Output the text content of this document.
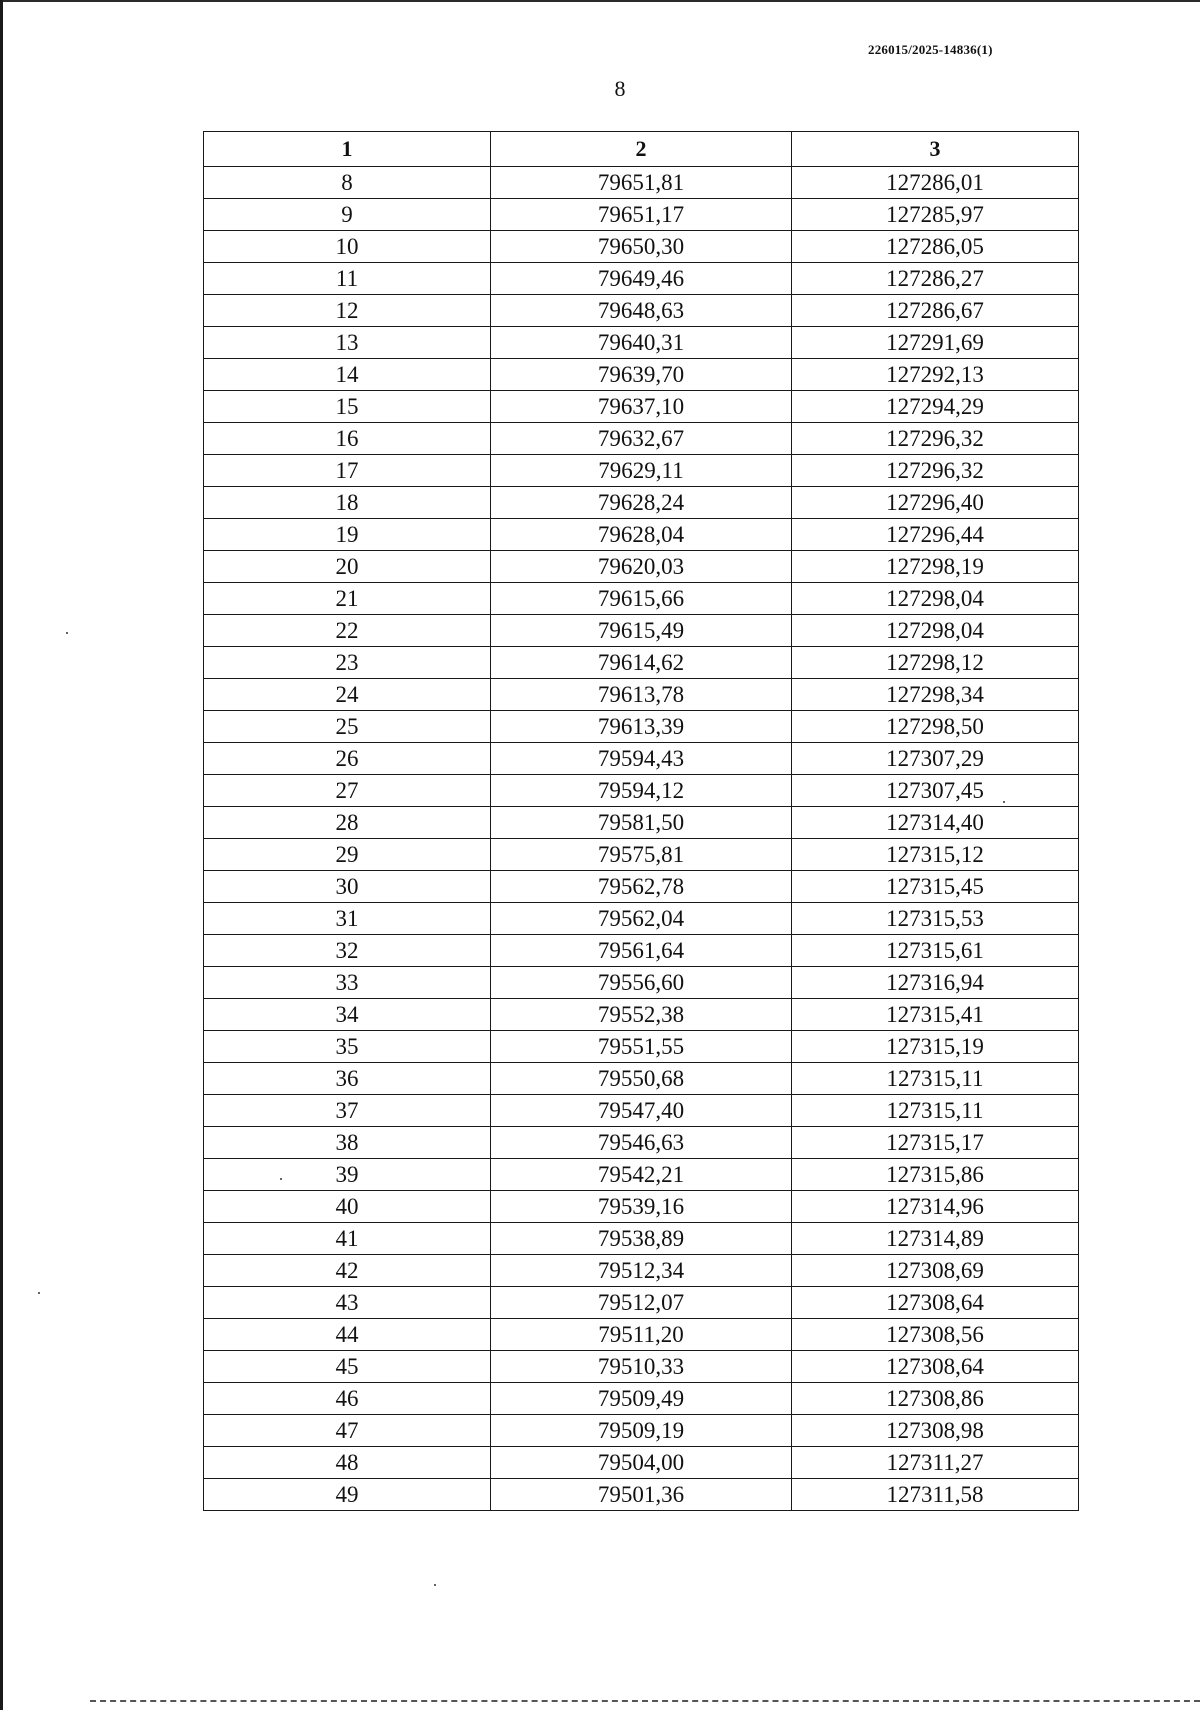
226015/2025-14836(1)
8
1	2	3
8	79651,81	127286,01
9	79651,17	127285,97
10	79650,30	127286,05
11	79649,46	127286,27
12	79648,63	127286,67
13	79640,31	127291,69
14	79639,70	127292,13
15	79637,10	127294,29
16	79632,67	127296,32
17	79629,11	127296,32
18	79628,24	127296,40
19	79628,04	127296,44
20	79620,03	127298,19
21	79615,66	127298,04
22	79615,49	127298,04
23	79614,62	127298,12
24	79613,78	127298,34
25	79613,39	127298,50
26	79594,43	127307,29
27	79594,12	127307,45
28	79581,50	127314,40
29	79575,81	127315,12
30	79562,78	127315,45
31	79562,04	127315,53
32	79561,64	127315,61
33	79556,60	127316,94
34	79552,38	127315,41
35	79551,55	127315,19
36	79550,68	127315,11
37	79547,40	127315,11
38	79546,63	127315,17
39	79542,21	127315,86
40	79539,16	127314,96
41	79538,89	127314,89
42	79512,34	127308,69
43	79512,07	127308,64
44	79511,20	127308,56
45	79510,33	127308,64
46	79509,49	127308,86
47	79509,19	127308,98
48	79504,00	127311,27
49	79501,36	127311,58
